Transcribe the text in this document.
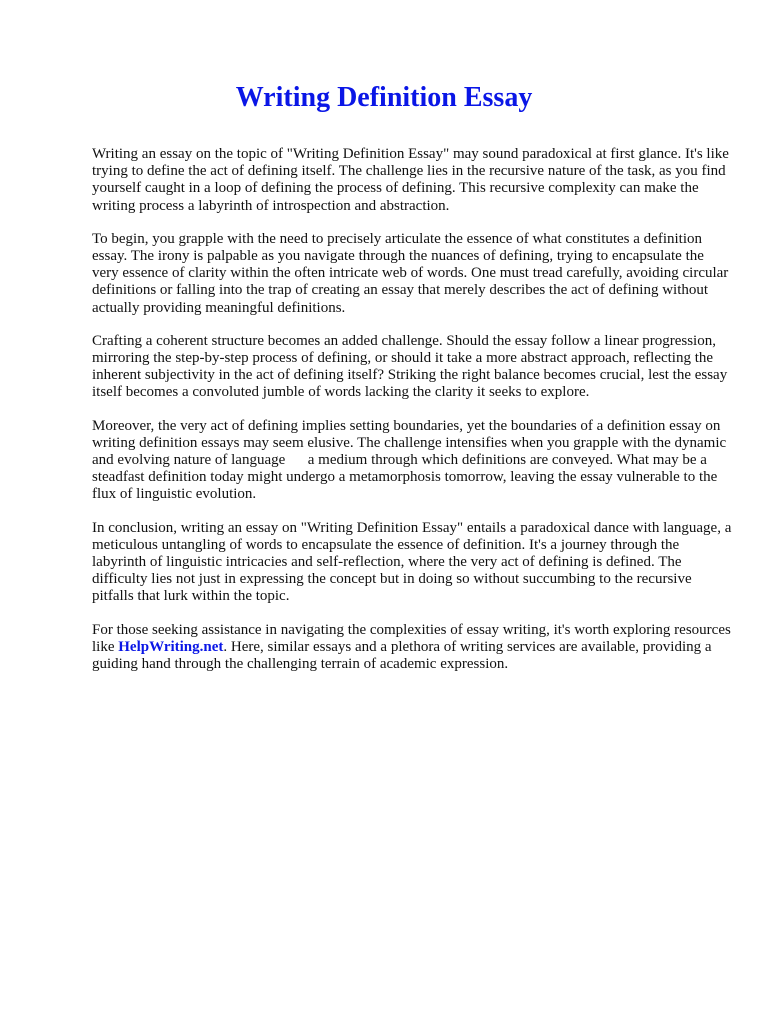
Writing Definition Essay

Writing an essay on the topic of "Writing Definition Essay" may sound paradoxical at first glance. It's like trying to define the act of defining itself. The challenge lies in the recursive nature of the task, as you find yourself caught in a loop of defining the process of defining. This recursive complexity can make the writing process a labyrinth of introspection and abstraction.

To begin, you grapple with the need to precisely articulate the essence of what constitutes a definition essay. The irony is palpable as you navigate through the nuances of defining, trying to encapsulate the very essence of clarity within the often intricate web of words. One must tread carefully, avoiding circular definitions or falling into the trap of creating an essay that merely describes the act of defining without actually providing meaningful definitions.

Crafting a coherent structure becomes an added challenge. Should the essay follow a linear progression, mirroring the step-by-step process of defining, or should it take a more abstract approach, reflecting the inherent subjectivity in the act of defining itself? Striking the right balance becomes crucial, lest the essay itself becomes a convoluted jumble of words lacking the clarity it seeks to explore.

Moreover, the very act of defining implies setting boundaries, yet the boundaries of a definition essay on writing definition essays may seem elusive. The challenge intensifies when you grapple with the dynamic and evolving nature of language   a medium through which definitions are conveyed. What may be a steadfast definition today might undergo a metamorphosis tomorrow, leaving the essay vulnerable to the flux of linguistic evolution.

In conclusion, writing an essay on "Writing Definition Essay" entails a paradoxical dance with language, a meticulous untangling of words to encapsulate the essence of definition. It's a journey through the labyrinth of linguistic intricacies and self-reflection, where the very act of defining is defined. The difficulty lies not just in expressing the concept but in doing so without succumbing to the recursive pitfalls that lurk within the topic.

For those seeking assistance in navigating the complexities of essay writing, it's worth exploring resources like HelpWriting.net. Here, similar essays and a plethora of writing services are available, providing a guiding hand through the challenging terrain of academic expression.
